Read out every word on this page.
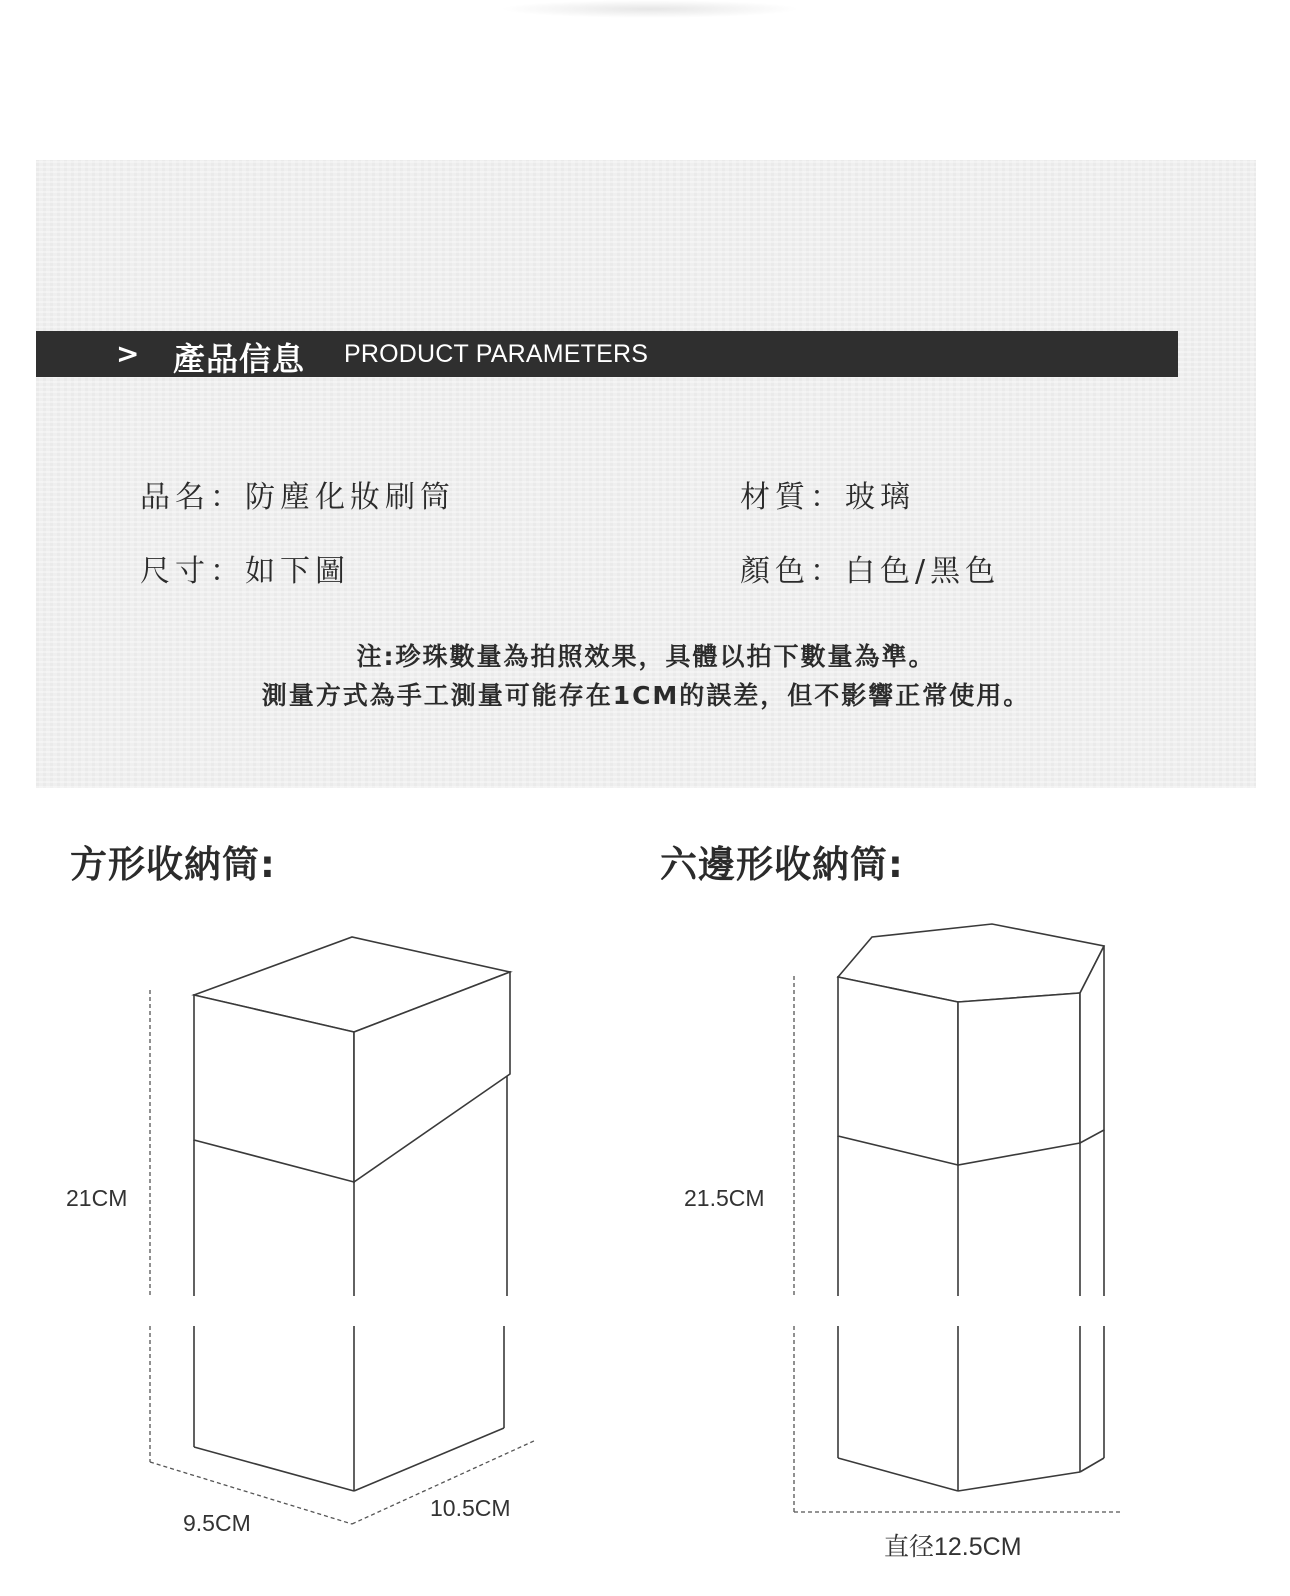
> 產品信息 PRODUCT PARAMETERS
品名：防塵化妝刷筒	材質：玻璃
尺寸：如下圖	顏色：白色/黑色
注:珍珠數量為拍照效果，具體以拍下數量為準。
測量方式為手工測量可能存在1CM的誤差，但不影響正常使用。
方形收納筒:	六邊形收納筒:
21CM
9.5CM
10.5CM
21.5CM
直径12.5CM
